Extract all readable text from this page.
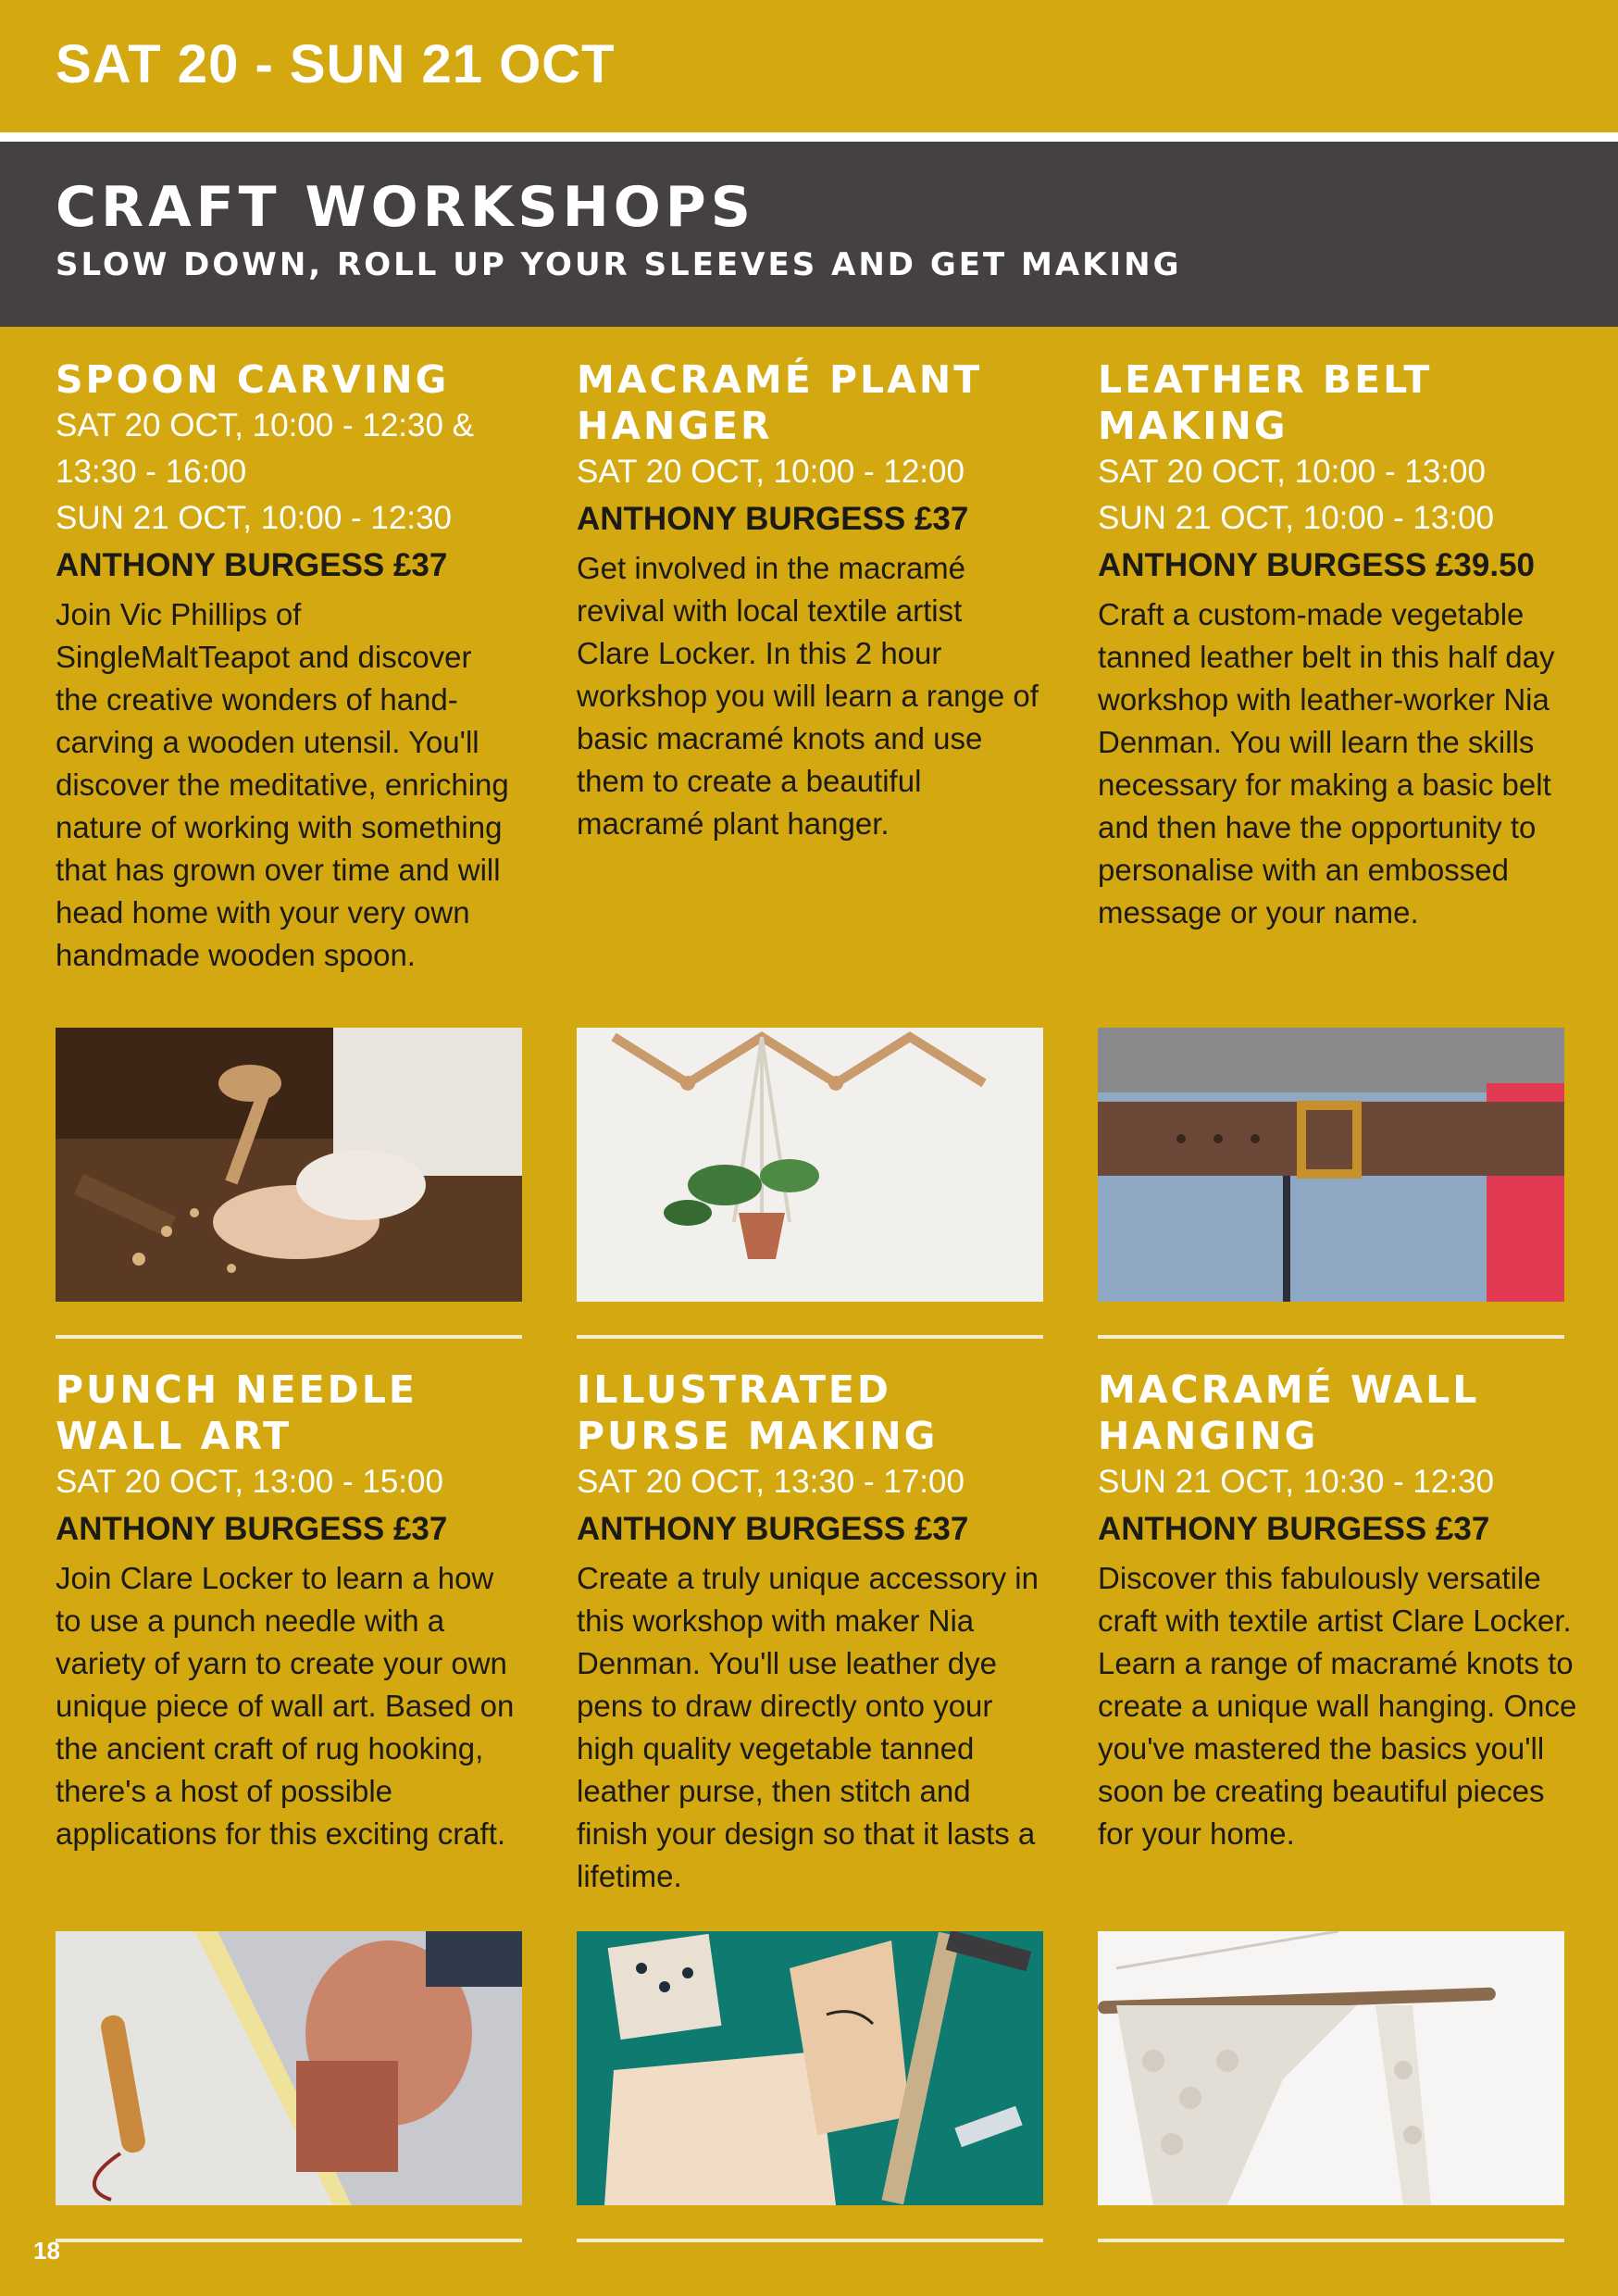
SAT 20 - SUN 21 OCT
CRAFT WORKSHOPS
SLOW DOWN, ROLL UP YOUR SLEEVES AND GET MAKING
SPOON CARVING
SAT 20 OCT, 10:00 - 12:30 &
13:30 - 16:00
SUN 21 OCT, 10:00 - 12:30
ANTHONY BURGESS £37
Join Vic Phillips of SingleMaltTeapot and discover the creative wonders of hand-carving a wooden utensil. You'll discover the meditative, enriching nature of working with something that has grown over time and will head home with your very own handmade wooden spoon.
MACRAMÉ PLANT HANGER
SAT 20 OCT, 10:00 - 12:00
ANTHONY BURGESS £37
Get involved in the macramé revival with local textile artist Clare Locker. In this 2 hour workshop you will learn a range of basic macramé knots and use them to create a beautiful macramé plant hanger.
LEATHER BELT MAKING
SAT 20 OCT, 10:00 - 13:00
SUN 21 OCT, 10:00 - 13:00
ANTHONY BURGESS £39.50
Craft a custom-made vegetable tanned leather belt in this half day workshop with leather-worker Nia Denman. You will learn the skills necessary for making a basic belt and then have the opportunity to personalise with an embossed message or your name.
PUNCH NEEDLE WALL ART
SAT 20 OCT, 13:00 - 15:00
ANTHONY BURGESS £37
Join Clare Locker to learn a how to use a punch needle with a variety of yarn to create your own unique piece of wall art. Based on the ancient craft of rug hooking, there's a host of possible applications for this exciting craft.
ILLUSTRATED PURSE MAKING
SAT 20 OCT, 13:30 - 17:00
ANTHONY BURGESS £37
Create a truly unique accessory in this workshop with maker Nia Denman. You'll use leather dye pens to draw directly onto your high quality vegetable tanned leather purse, then stitch and finish your design so that it lasts a lifetime.
MACRAMÉ WALL HANGING
SUN 21 OCT, 10:30 - 12:30
ANTHONY BURGESS £37
Discover this fabulously versatile craft with textile artist Clare Locker. Learn a range of macramé knots to create a unique wall hanging. Once you've mastered the basics you'll soon be creating beautiful pieces for your home.
18
